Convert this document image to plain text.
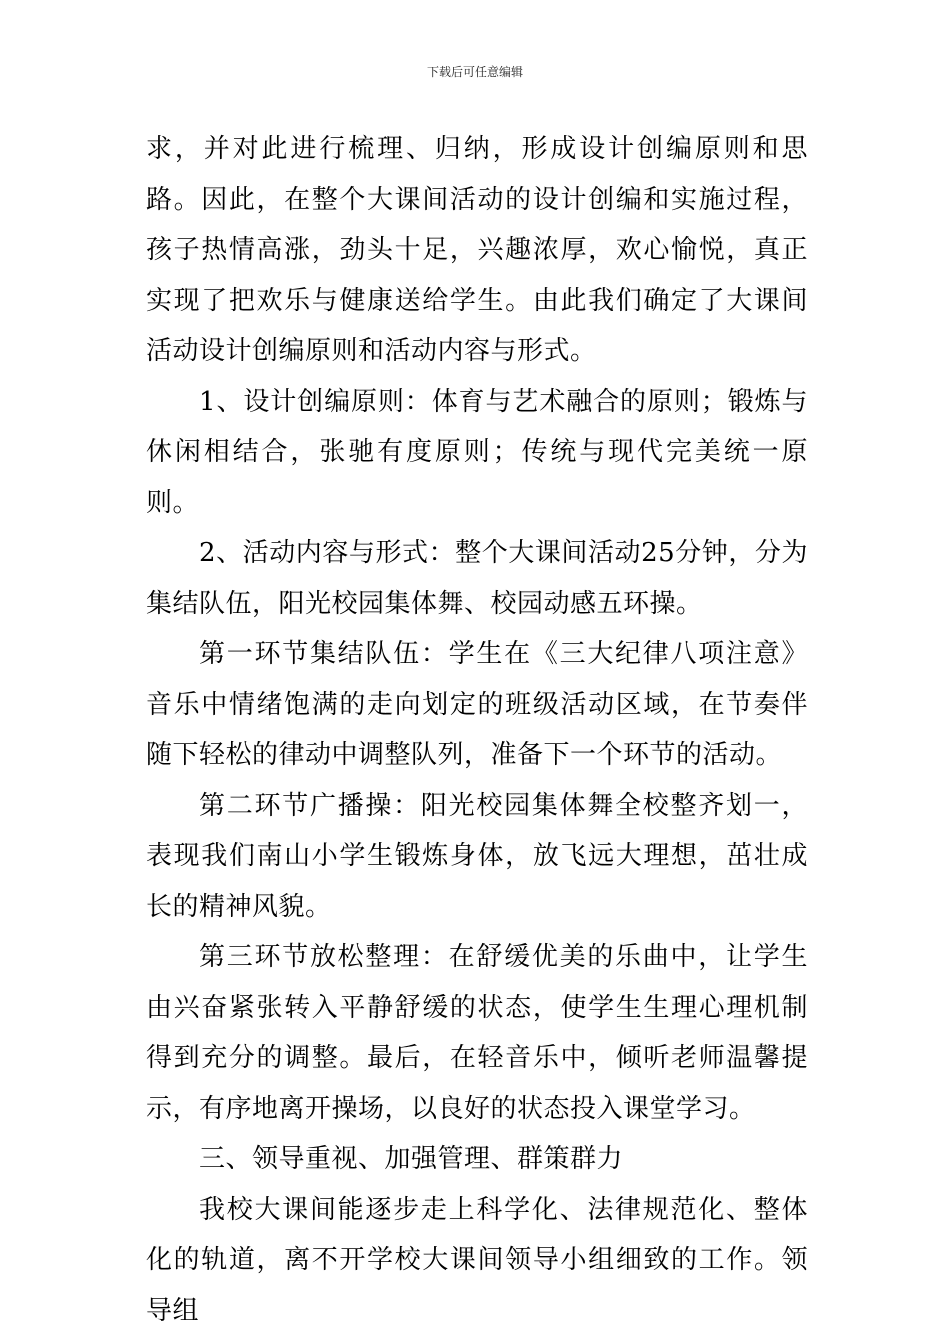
下载后可任意编辑

求，并对此进行梳理、归纳，形成设计创编原则和思路。因此，在整个大课间活动的设计创编和实施过程，孩子热情高涨，劲头十足，兴趣浓厚，欢心愉悦，真正实现了把欢乐与健康送给学生。由此我们确定了大课间活动设计创编原则和活动内容与形式。

1、设计创编原则：体育与艺术融合的原则；锻炼与休闲相结合，张驰有度原则；传统与现代完美统一原则。

2、活动内容与形式：整个大课间活动25分钟，分为集结队伍，阳光校园集体舞、校园动感五环操。

第一环节集结队伍：学生在《三大纪律八项注意》音乐中情绪饱满的走向划定的班级活动区域，在节奏伴随下轻松的律动中调整队列，准备下一个环节的活动。

第二环节广播操：阳光校园集体舞全校整齐划一，表现我们南山小学生锻炼身体，放飞远大理想，茁壮成长的精神风貌。

第三环节放松整理：在舒缓优美的乐曲中，让学生由兴奋紧张转入平静舒缓的状态，使学生生理心理机制得到充分的调整。最后，在轻音乐中，倾听老师温馨提示，有序地离开操场，以良好的状态投入课堂学习。

三、领导重视、加强管理、群策群力

我校大课间能逐步走上科学化、法律规范化、整体化的轨道，离不开学校大课间领导小组细致的工作。领导组
